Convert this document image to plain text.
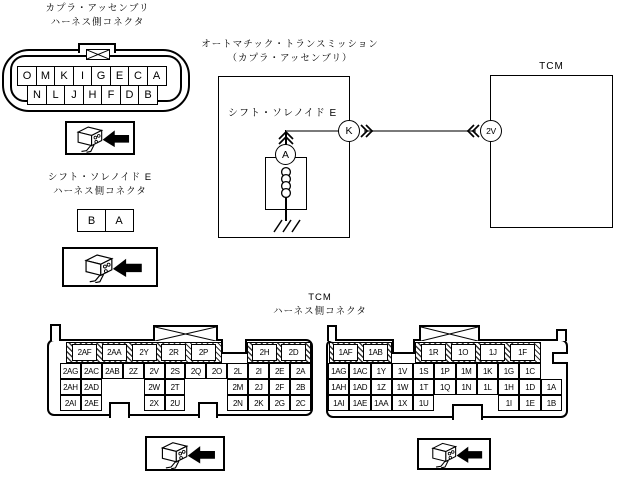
カプラ・アッセンブリ
ハーネス側コネクタ
O M K	I	G E C A
N	L	J	H	F	D B
シフト・ソレノイド E
ハーネス側コネクタ
B	A
オートマチック・トランスミッション
（カプラ・アッセンブリ）
シフト・ソレノイド E
A
K	2V
TCM
TCM
ハーネス側コネクタ
2AF	2AA	2Y	2R	2P	2H	2D
2AG 2AC 2AB	2Z	2V	2S	2Q	2O	2L	2I	2E	2A
2AH 2AD	2W	2T	2M	2J	2F	2B
2AI	2AE	2X	2U	2N	2K	2G	2C
1AF	1AB	1R	1O	1J	1F
1AG 1AC	1Y	1V	1S	1P	1M	1K	1G	1C
1AH 1AD	1Z	1W	1T	1Q	1N	1L	1H	1D	1A
1AI	1AE 1AA	1X	1U	1I	1E	1B
